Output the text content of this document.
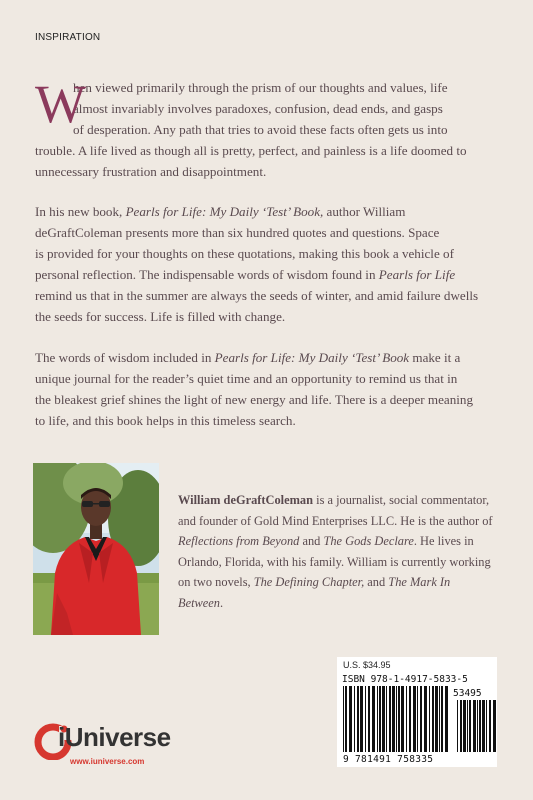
INSPIRATION
W
hen viewed primarily through the prism of our thoughts and values, life
almost invariably involves paradoxes, confusion, dead ends, and gasps
of desperation. Any path that tries to avoid these facts often gets us into
trouble. A life lived as though all is pretty, perfect, and painless is a life doomed to
unnecessary frustration and disappointment.
In his new book, Pearls for Life: My Daily ‘Test’ Book, author William
deGraftColeman presents more than six hundred quotes and questions. Space
is provided for your thoughts on these quotations, making this book a vehicle of
personal reflection. The indispensable words of wisdom found in Pearls for Life
remind us that in the summer are always the seeds of winter, and amid failure dwells
the seeds for success. Life is filled with change.
The words of wisdom included in Pearls for Life: My Daily ‘Test’ Book make it a
unique journal for the reader’s quiet time and an opportunity to remind us that in
the bleakest grief shines the light of new energy and life. There is a deeper meaning
to life, and this book helps in this timeless search.

William deGraftColeman is a journalist, social commentator, and founder of Gold Mind Enterprises LLC. He is the author of Reflections from Beyond and The Gods Declare. He lives in Orlando, Florida, with his family. William is currently working on two novels, The Defining Chapter, and The Mark In Between.

U.S. $34.95
ISBN 978-1-4917-5833-5
53495
9 781491 758335
iUniverse
www.iuniverse.com
